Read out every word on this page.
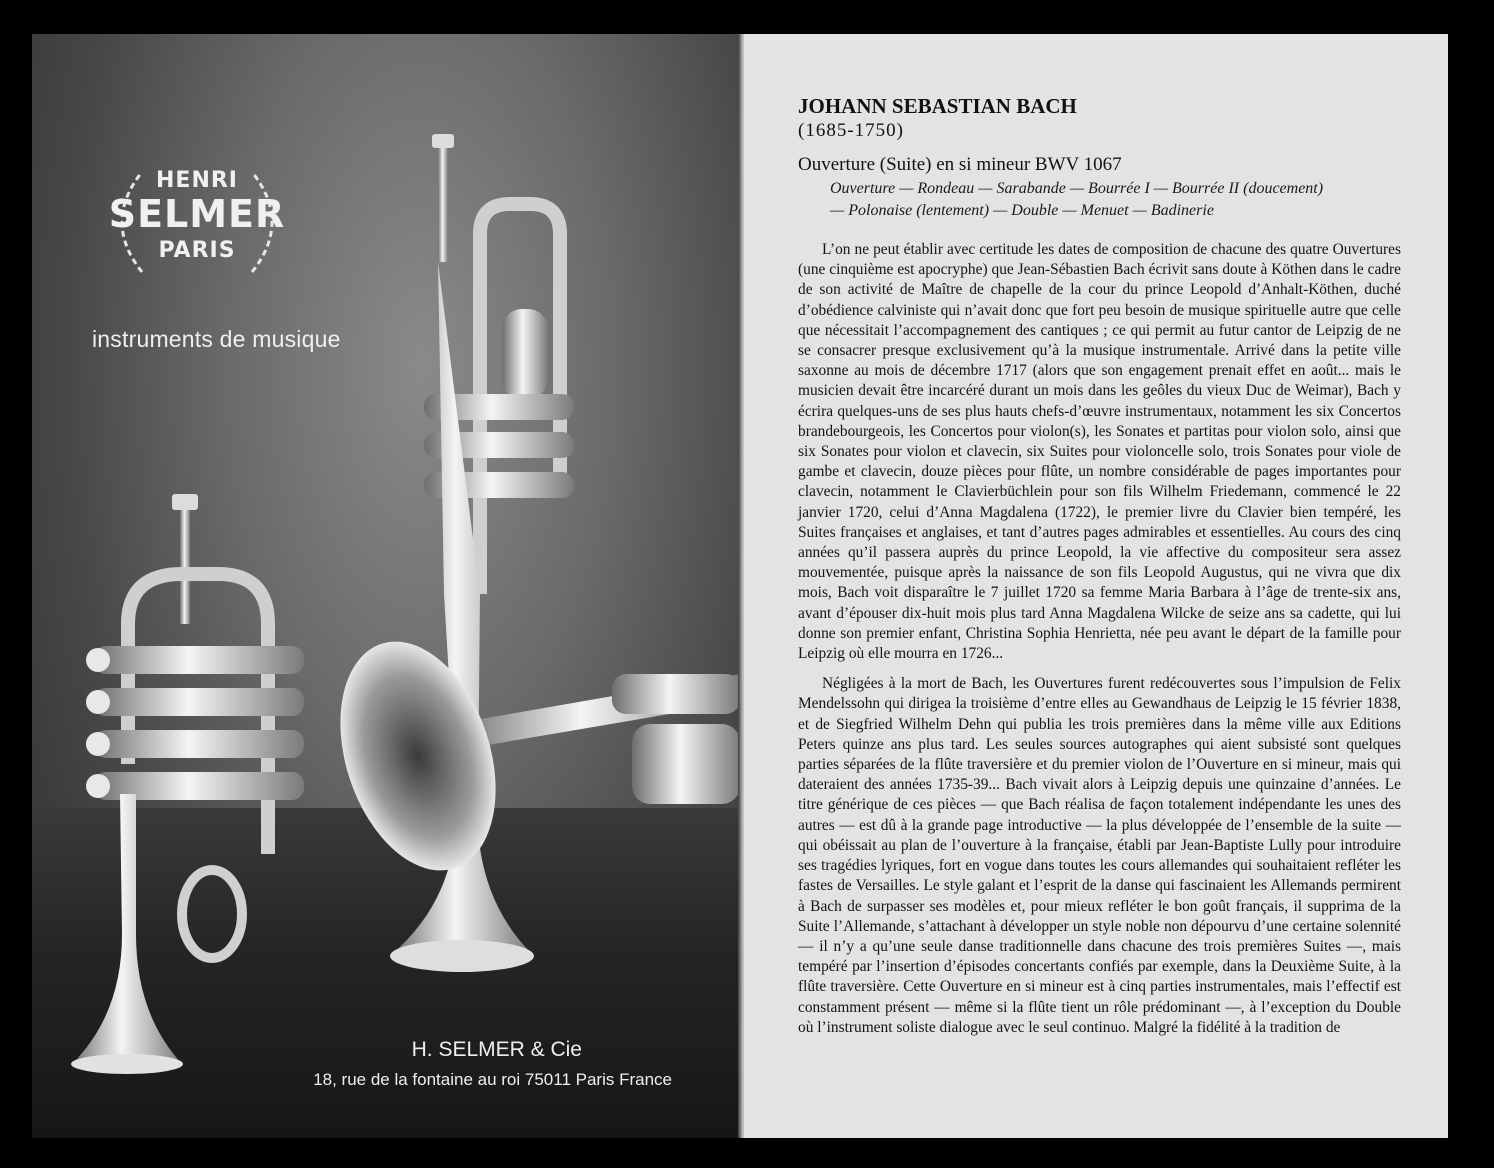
HENRI
SELMER
PARIS
instruments de musique
H. SELMER & Cie
18, rue de la fontaine au roi 75011 Paris France
JOHANN SEBASTIAN BACH
(1685-1750)
Ouverture (Suite) en si mineur BWV 1067
Ouverture — Rondeau — Sarabande — Bourrée I — Bourrée II (doucement)
— Polonaise (lentement) — Double — Menuet — Badinerie

L’on ne peut établir avec certitude les dates de composition de chacune des quatre Ouvertures (une cinquième est apocryphe) que Jean-Sébastien Bach écrivit sans doute à Köthen dans le cadre de son activité de Maître de chapelle de la cour du prince Leopold d’Anhalt-Köthen, duché d’obédience calviniste qui n’avait donc que fort peu besoin de musique spirituelle autre que celle que nécessitait l’accompagnement des cantiques ; ce qui permit au futur cantor de Leipzig de ne se consacrer presque exclusivement qu’à la musique instrumentale. Arrivé dans la petite ville saxonne au mois de décembre 1717 (alors que son engagement prenait effet en août... mais le musicien devait être incarcéré durant un mois dans les geôles du vieux Duc de Weimar), Bach y écrira quelques-uns de ses plus hauts chefs-d’œuvre instrumentaux, notamment les six Concertos brandebourgeois, les Concertos pour violon(s), les Sonates et partitas pour violon solo, ainsi que six Sonates pour violon et clavecin, six Suites pour violoncelle solo, trois Sonates pour viole de gambe et clavecin, douze pièces pour flûte, un nombre considérable de pages importantes pour clavecin, notamment le Clavierbüchlein pour son fils Wilhelm Friedemann, commencé le 22 janvier 1720, celui d’Anna Magdalena (1722), le premier livre du Clavier bien tempéré, les Suites françaises et anglaises, et tant d’autres pages admirables et essentielles. Au cours des cinq années qu’il passera auprès du prince Leopold, la vie affective du compositeur sera assez mouvementée, puisque après la naissance de son fils Leopold Augustus, qui ne vivra que dix mois, Bach voit disparaître le 7 juillet 1720 sa femme Maria Barbara à l’âge de trente-six ans, avant d’épouser dix-huit mois plus tard Anna Magdalena Wilcke de seize ans sa cadette, qui lui donne son premier enfant, Christina Sophia Henrietta, née peu avant le départ de la famille pour Leipzig où elle mourra en 1726...

Négligées à la mort de Bach, les Ouvertures furent redécouvertes sous l’impulsion de Felix Mendelssohn qui dirigea la troisième d’entre elles au Gewandhaus de Leipzig le 15 février 1838, et de Siegfried Wilhelm Dehn qui publia les trois premières dans la même ville aux Editions Peters quinze ans plus tard. Les seules sources autographes qui aient subsisté sont quelques parties séparées de la flûte traversière et du premier violon de l’Ouverture en si mineur, mais qui dateraient des années 1735-39... Bach vivait alors à Leipzig depuis une quinzaine d’années. Le titre générique de ces pièces — que Bach réalisa de façon totalement indépendante les unes des autres — est dû à la grande page introductive — la plus développée de l’ensemble de la suite — qui obéissait au plan de l’ouverture à la française, établi par Jean-Baptiste Lully pour introduire ses tragédies lyriques, fort en vogue dans toutes les cours allemandes qui souhaitaient refléter les fastes de Versailles. Le style galant et l’esprit de la danse qui fascinaient les Allemands permirent à Bach de surpasser ses modèles et, pour mieux refléter le bon goût français, il supprima de la Suite l’Allemande, s’attachant à développer un style noble non dépourvu d’une certaine solennité — il n’y a qu’une seule danse traditionnelle dans chacune des trois premières Suites —, mais tempéré par l’insertion d’épisodes concertants confiés par exemple, dans la Deuxième Suite, à la flûte traversière. Cette Ouverture en si mineur est à cinq parties instrumentales, mais l’effectif est constamment présent — même si la flûte tient un rôle prédominant —, à l’exception du Double où l’instrument soliste dialogue avec le seul continuo. Malgré la fidélité à la tradition de
